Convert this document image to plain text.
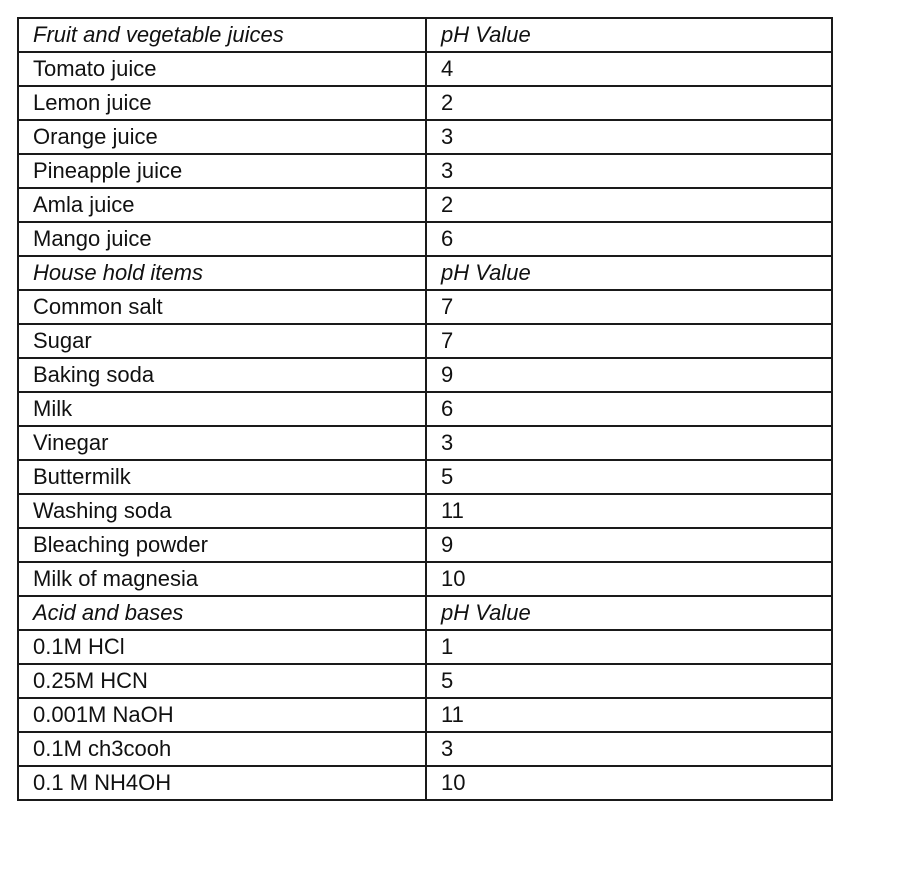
Fruit and vegetable juices	pH Value
Tomato juice	4
Lemon juice	2
Orange juice	3
Pineapple juice	3
Amla juice	2
Mango juice	6
House hold items	pH Value
Common salt	7
Sugar	7
Baking soda	9
Milk	6
Vinegar	3
Buttermilk	5
Washing soda	11
Bleaching powder	9
Milk of magnesia	10
Acid and bases	pH Value
0.1M HCl	1
0.25M HCN	5
0.001M NaOH	11
0.1M ch3cooh	3
0.1 M NH4OH	10
